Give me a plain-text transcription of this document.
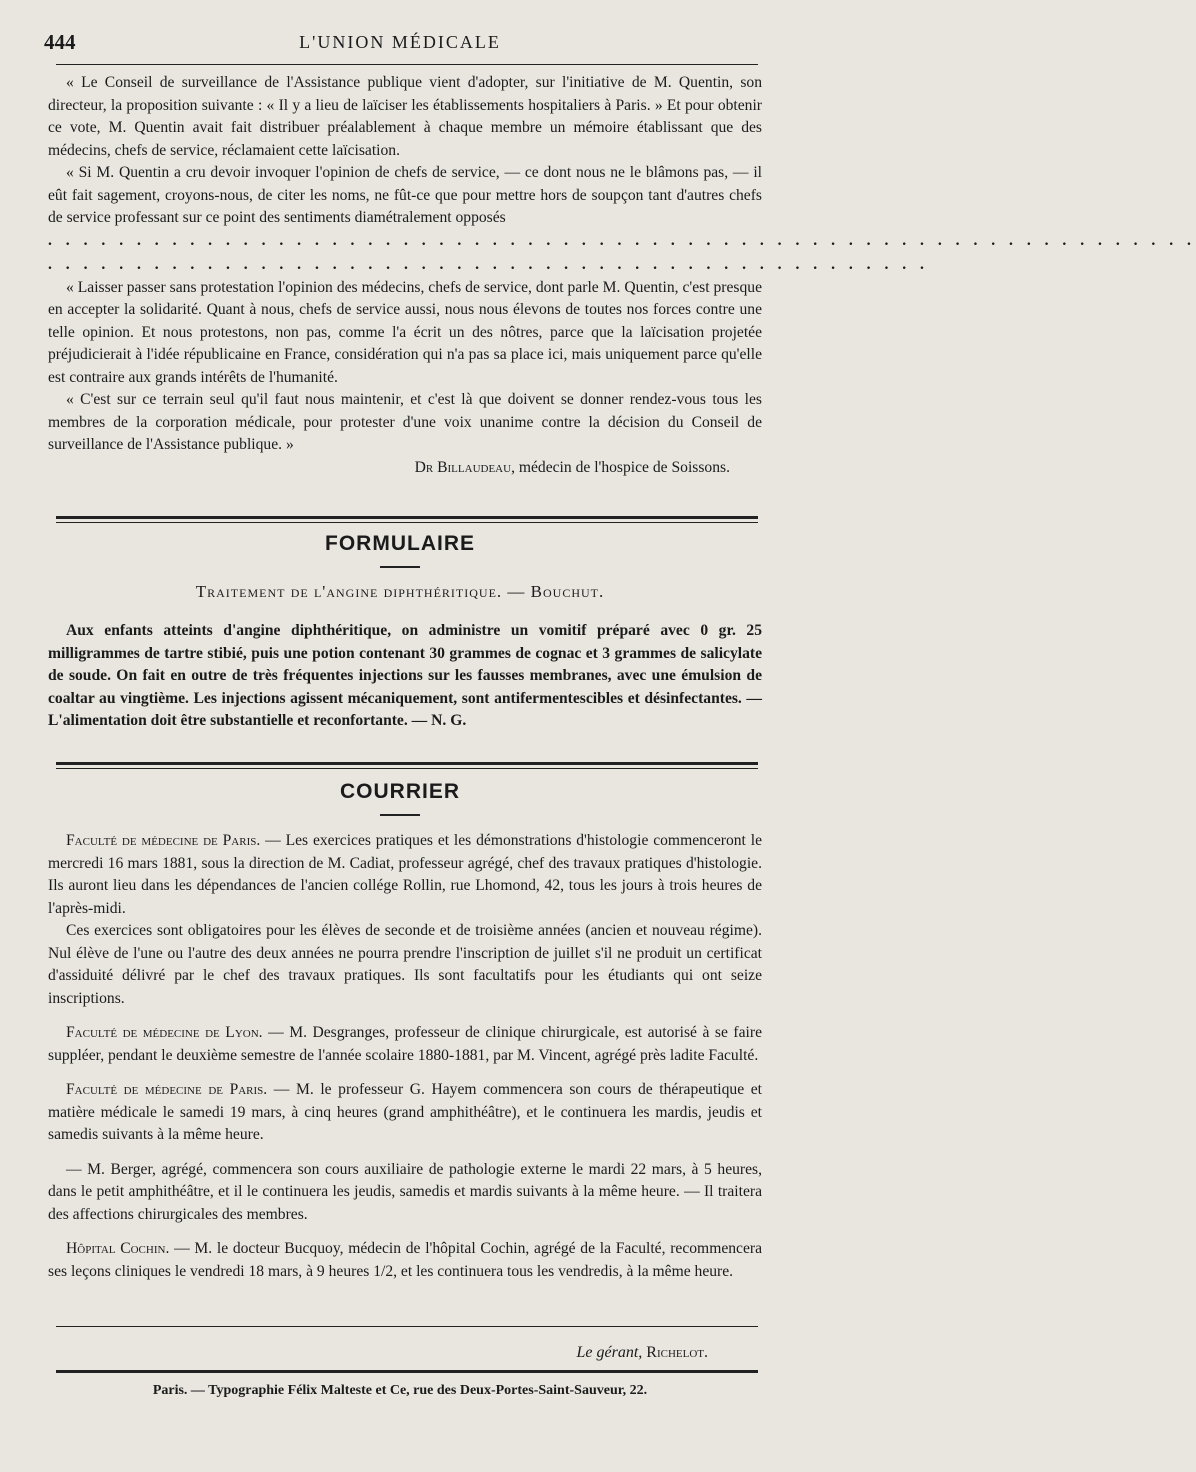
444	L'UNION MÉDICALE

« Le Conseil de surveillance de l'Assistance publique vient d'adopter, sur l'initiative de M. Quentin, son directeur, la proposition suivante : « Il y a lieu de laïciser les établissements hospitaliers à Paris. » Et pour obtenir ce vote, M. Quentin avait fait distribuer préalablement à chaque membre un mémoire établissant que des médecins, chefs de service, réclamaient cette laïcisation.

« Si M. Quentin a cru devoir invoquer l'opinion de chefs de service, — ce dont nous ne le blâmons pas, — il eût fait sagement, croyons-nous, de citer les noms, ne fût-ce que pour mettre hors de soupçon tant d'autres chefs de service professant sur ce point des sentiments diamétralement opposés

. . . . . . . . . . . . . . . . . . . . . . . . . . . . . . . . . . . . . . . . . . . . . . . . . . . . . . . . . . . . . . . . .
. . . . . . . . . . . . . . . . . . . . . . . . . . . . . . . . . . . . . . . . . . . . . . . . . .

« Laisser passer sans protestation l'opinion des médecins, chefs de service, dont parle M. Quentin, c'est presque en accepter la solidarité. Quant à nous, chefs de service aussi, nous nous élevons de toutes nos forces contre une telle opinion. Et nous protestons, non pas, comme l'a écrit un des nôtres, parce que la laïcisation projetée préjudicierait à l'idée républicaine en France, considération qui n'a pas sa place ici, mais uniquement parce qu'elle est contraire aux grands intérêts de l'humanité.

« C'est sur ce terrain seul qu'il faut nous maintenir, et c'est là que doivent se donner rendez-vous tous les membres de la corporation médicale, pour protester d'une voix unanime contre la décision du Conseil de surveillance de l'Assistance publique. »

Dr Billaudeau, médecin de l'hospice de Soissons.
FORMULAIRE
Traitement de l'angine diphthéritique. — Bouchut.

Aux enfants atteints d'angine diphthéritique, on administre un vomitif préparé avec 0 gr. 25 milligrammes de tartre stibié, puis une potion contenant 30 grammes de cognac et 3 grammes de salicylate de soude. On fait en outre de très fréquentes injections sur les fausses membranes, avec une émulsion de coaltar au vingtième. Les injections agissent mécaniquement, sont antifermentescibles et désinfectantes. — L'alimentation doit être substantielle et reconfortante. — N. G.

COURRIER

Faculté de médecine de Paris. — Les exercices pratiques et les démonstrations d'histologie commenceront le mercredi 16 mars 1881, sous la direction de M. Cadiat, professeur agrégé, chef des travaux pratiques d'histologie. Ils auront lieu dans les dépendances de l'ancien collége Rollin, rue Lhomond, 42, tous les jours à trois heures de l'après-midi.

Ces exercices sont obligatoires pour les élèves de seconde et de troisième années (ancien et nouveau régime). Nul élève de l'une ou l'autre des deux années ne pourra prendre l'inscription de juillet s'il ne produit un certificat d'assiduité délivré par le chef des travaux pratiques. Ils sont facultatifs pour les étudiants qui ont seize inscriptions.

Faculté de médecine de Lyon. — M. Desgranges, professeur de clinique chirurgicale, est autorisé à se faire suppléer, pendant le deuxième semestre de l'année scolaire 1880-1881, par M. Vincent, agrégé près ladite Faculté.

Faculté de médecine de Paris. — M. le professeur G. Hayem commencera son cours de thérapeutique et matière médicale le samedi 19 mars, à cinq heures (grand amphithéâtre), et le continuera les mardis, jeudis et samedis suivants à la même heure.

— M. Berger, agrégé, commencera son cours auxiliaire de pathologie externe le mardi 22 mars, à 5 heures, dans le petit amphithéâtre, et il le continuera les jeudis, samedis et mardis suivants à la même heure. — Il traitera des affections chirurgicales des membres.

Hôpital Cochin. — M. le docteur Bucquoy, médecin de l'hôpital Cochin, agrégé de la Faculté, recommencera ses leçons cliniques le vendredi 18 mars, à 9 heures 1/2, et les continuera tous les vendredis, à la même heure.

Le gérant, Richelot.
Paris. — Typographie Félix Malteste et Ce, rue des Deux-Portes-Saint-Sauveur, 22.
